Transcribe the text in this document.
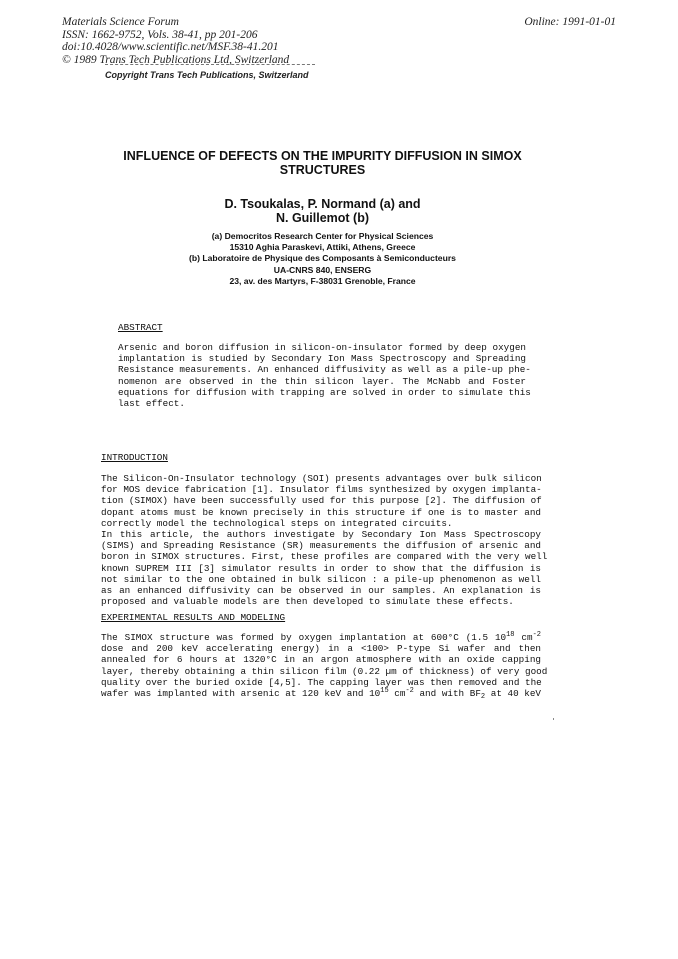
Materials Science Forum
ISSN: 1662-9752, Vols. 38-41, pp 201-206
doi:10.4028/www.scientific.net/MSF.38-41.201
© 1989 Trans Tech Publications Ltd, Switzerland
Online: 1991-01-01
Copyright Trans Tech Publications, Switzerland

INFLUENCE OF DEFECTS ON THE IMPURITY DIFFUSION IN SIMOX STRUCTURES

D. Tsoukalas, P. Normand (a) and
N. Guillemot (b)
(a) Democritos Research Center for Physical Sciences
15310 Aghia Paraskevi, Attiki, Athens, Greece
(b) Laboratoire de Physique des Composants à Semiconducteurs
UA-CNRS 840, ENSERG
23, av. des Martyrs, F-38031 Grenoble, France
ABSTRACT
Arsenic and boron diffusion in silicon-on-insulator formed by deep oxygen
implantation is studied by Secondary Ion Mass Spectroscopy and Spreading
Resistance measurements. An enhanced diffusivity as well as a pile-up phe-
nomenon are observed in the thin silicon layer. The McNabb and Foster
equations for diffusion with trapping are solved in order to simulate this
last effect.
INTRODUCTION
The Silicon-On-Insulator technology (SOI) presents advantages over bulk silicon
for MOS device fabrication [1]. Insulator films synthesized by oxygen implanta-
tion (SIMOX) have been successfully used for this purpose [2]. The diffusion of
dopant atoms must be known precisely in this structure if one is to master and
correctly model the technological steps on integrated circuits.
In this article, the authors investigate by Secondary Ion Mass Spectroscopy
(SIMS) and Spreading Resistance (SR) measurements the diffusion of arsenic and
boron in SIMOX structures. First, these profiles are compared with the very well
known SUPREM III [3] simulator results in order to show that the diffusion is
not similar to the one obtained in bulk silicon : a pile-up phenomenon as well
as an enhanced diffusivity can be observed in our samples. An explanation is
proposed and valuable models are then developed to simulate these effects.
EXPERIMENTAL RESULTS AND MODELING
The SIMOX structure was formed by oxygen implantation at 600°C (1.5 $10^{18}$ $cm^{-2}$
dose and 200 keV accelerating energy) in a <100> P-type Si wafer and then
annealed for 6 hours at 1320°C in an argon atmosphere with an oxide capping
layer, thereby obtaining a thin silicon film (0.22 µm of thickness) of very good
quality over the buried oxide [4,5]. The capping layer was then removed and the
wafer was implanted with arsenic at 120 keV and $10^{15}$ $cm^{-2}$ and with $BF_2$ at 40 keV
